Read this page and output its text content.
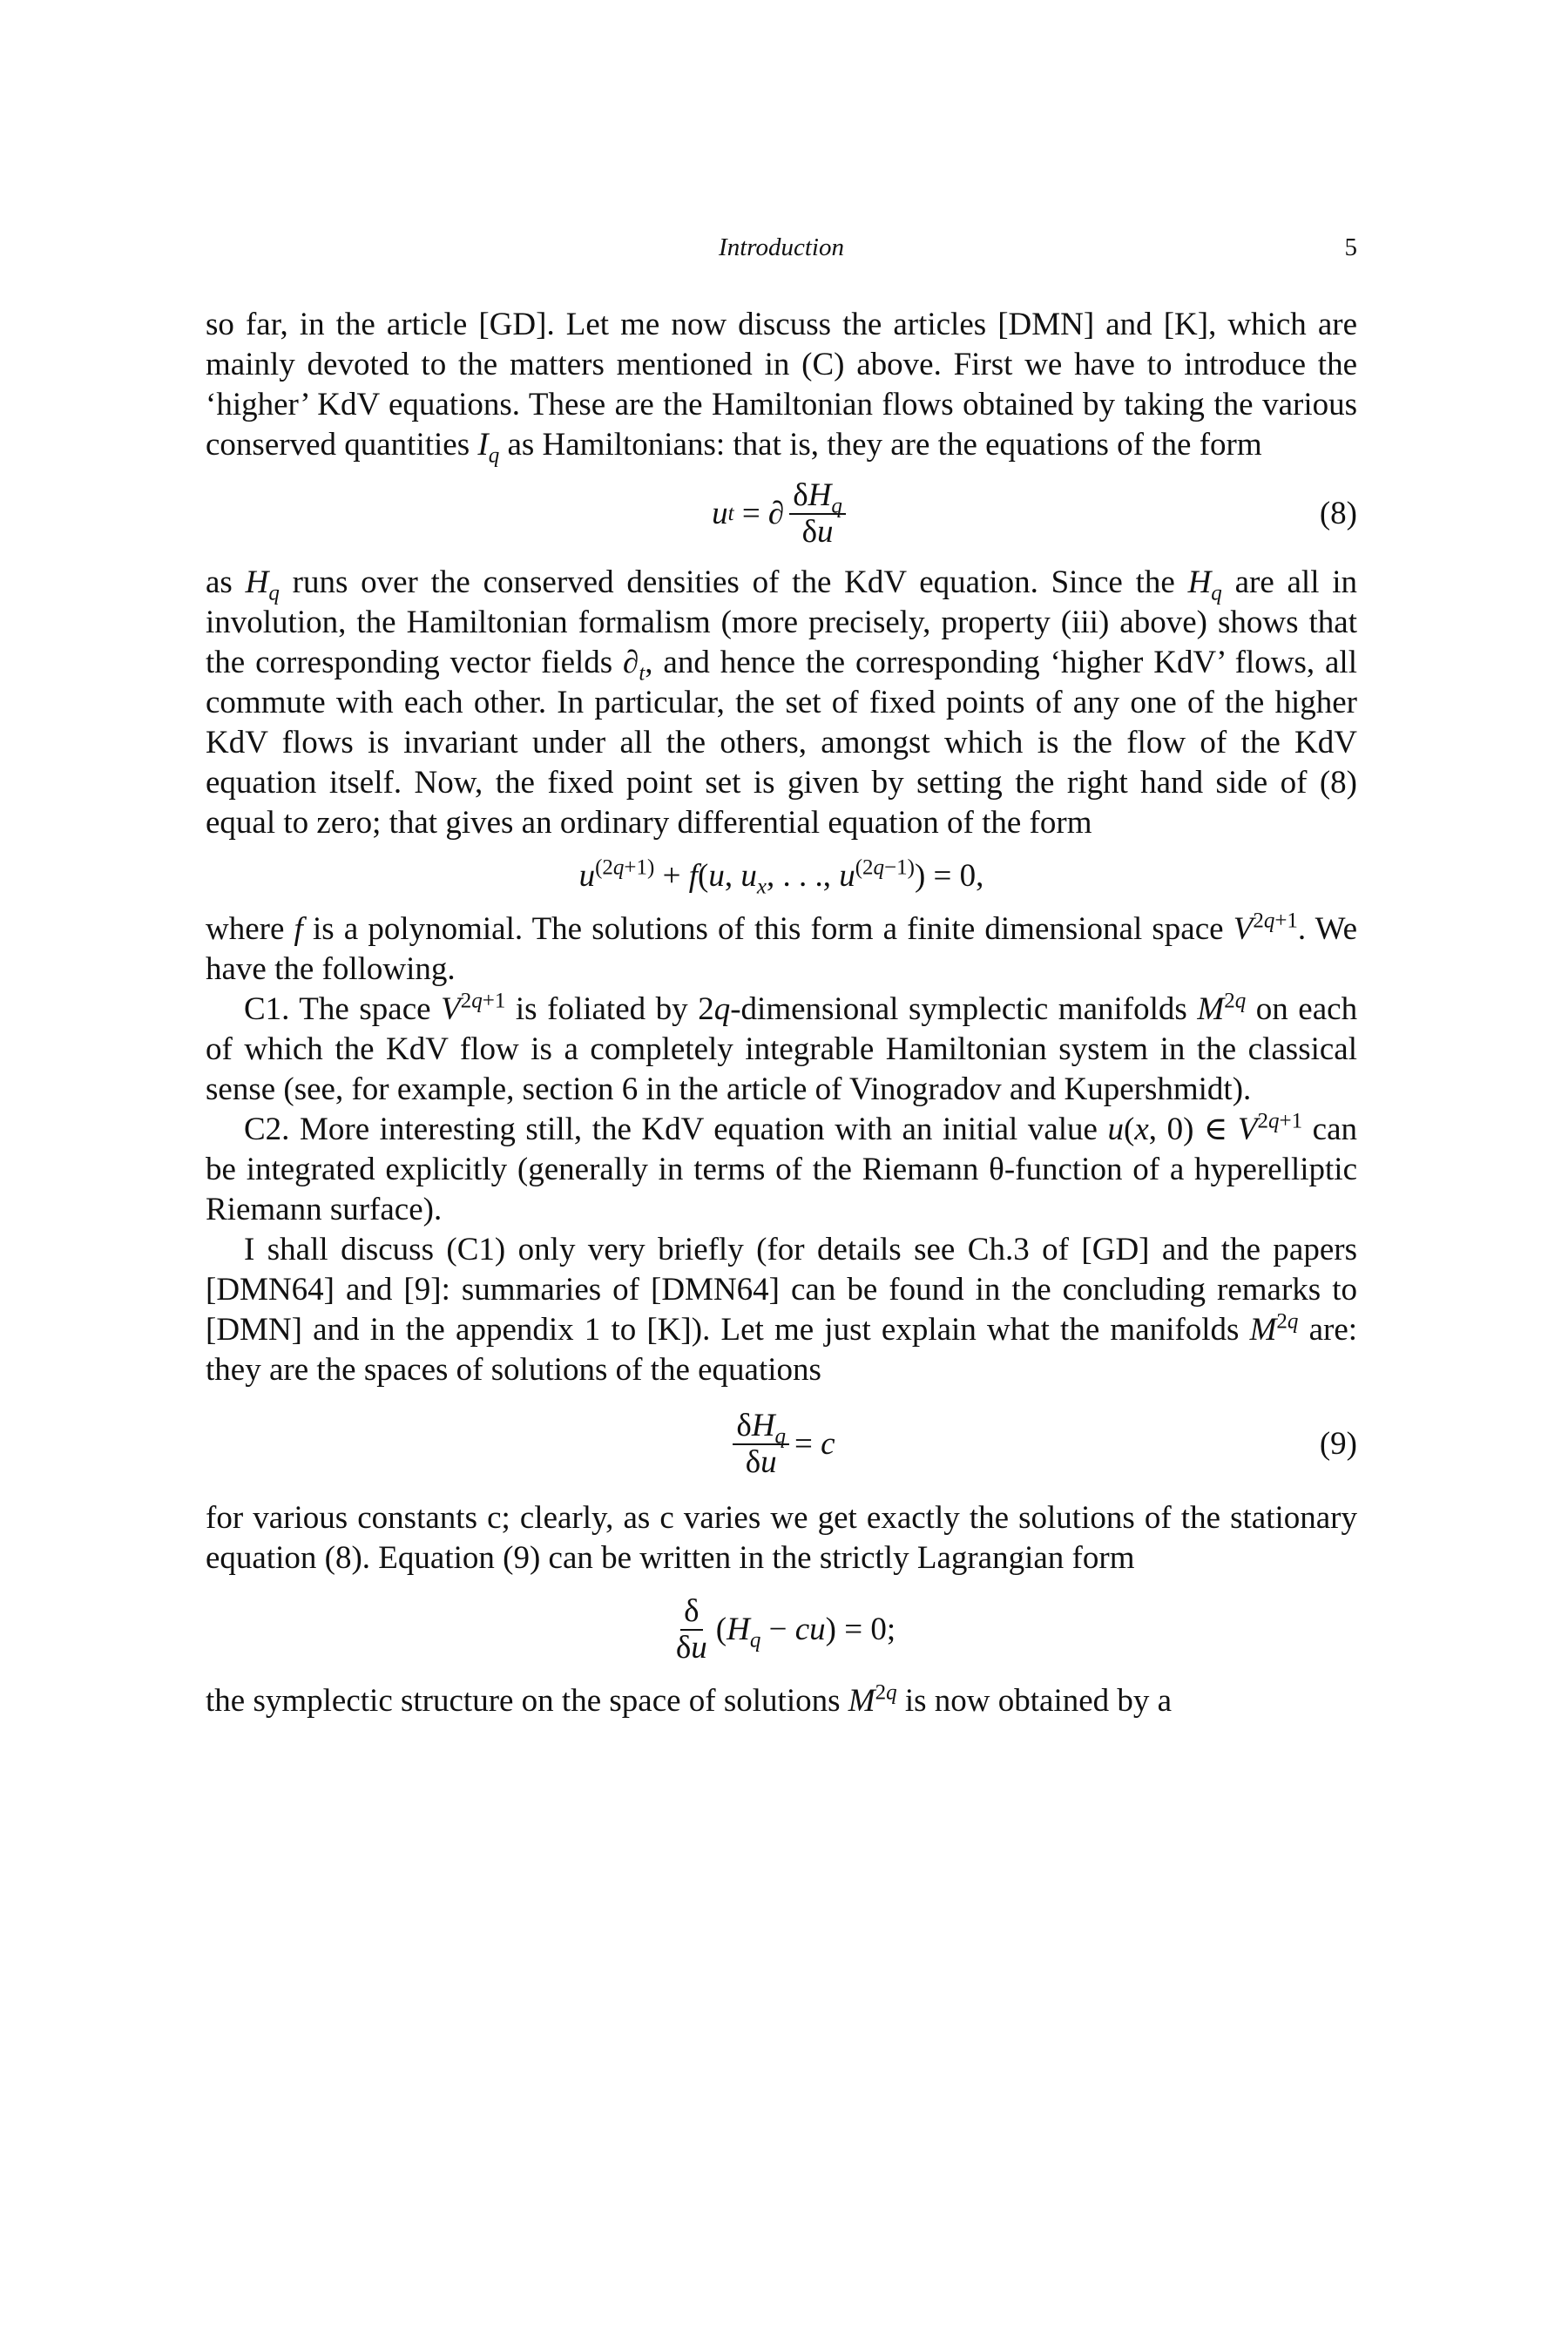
Introduction	5

so far, in the article [GD]. Let me now discuss the articles [DMN] and [K], which are mainly devoted to the matters mentioned in (C) above. First we have to introduce the ‘higher’ KdV equations. These are the Hamiltonian flows obtained by taking the various conserved quantities $I_q$ as Hamiltonians: that is, they are the equations of the form

u t = ∂ $\frac{\delta H_q}{\delta u}$	(8)

as $H_q$ runs over the conserved densities of the KdV equation. Since the $H_q$ are all in involution, the Hamiltonian formalism (more precisely, property (iii) above) shows that the corresponding vector fields $\partial_t$, and hence the corresponding ‘higher KdV’ flows, all commute with each other. In particular, the set of fixed points of any one of the higher KdV flows is invariant under all the others, amongst which is the flow of the KdV equation itself. Now, the fixed point set is given by setting the right hand side of (8) equal to zero; that gives an ordinary differential equation of the form

$u^{(2q+1)} + f(u$, $u_x$, . . ., $u^{(2q-1)}) = 0$,

where f is a polynomial. The solutions of this form a finite dimensional space $V^{2q+1}$. We have the following.

C1. The space $V^{2q+1}$ is foliated by 2q-dimensional symplectic manifolds $M^{2q}$ on each of which the KdV flow is a completely integrable Hamiltonian system in the classical sense (see, for example, section 6 in the article of Vinogradov and Kupershmidt).

C2. More interesting still, the KdV equation with an initial value u(x, 0) ∈ $V^{2q+1}$ can be integrated explicitly (generally in terms of the Riemann θ-function of a hyperelliptic Riemann surface).

I shall discuss (C1) only very briefly (for details see Ch.3 of [GD] and the papers [DMN64] and [9]: summaries of [DMN64] can be found in the concluding remarks to [DMN] and in the appendix 1 to [K]). Let me just explain what the manifolds $M^{2q}$ are: they are the spaces of solutions of the equations

$\frac{\delta H_q}{\delta u} = c$	(9)

for various constants c; clearly, as c varies we get exactly the solutions of the stationary equation (8). Equation (9) can be written in the strictly Lagrangian form

$\frac{\delta}{\delta u} (H_q - cu) = 0$;

the symplectic structure on the space of solutions $M^{2q}$ is now obtained by a
